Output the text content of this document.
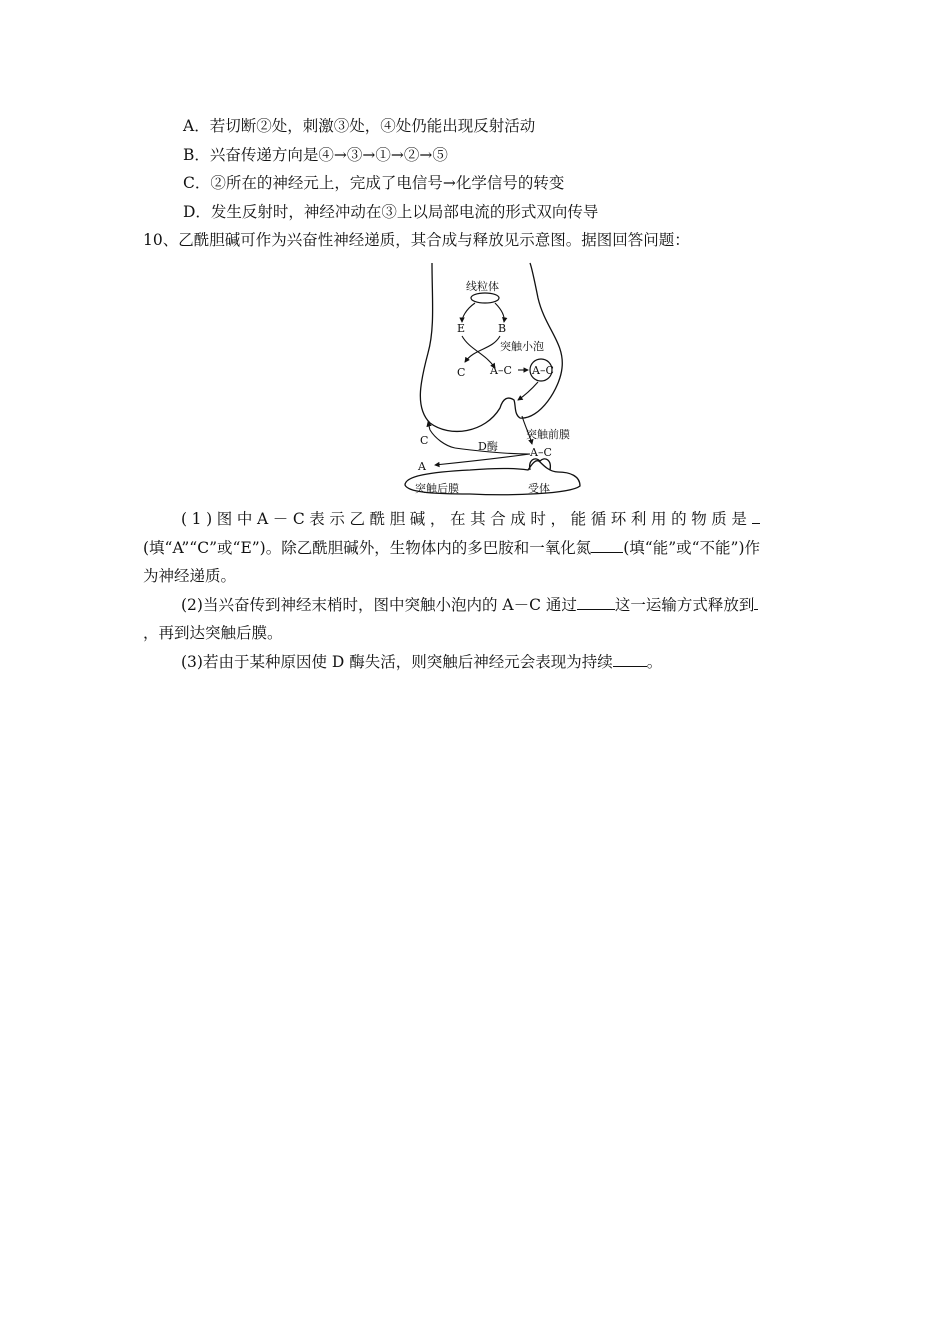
A．若切断②处，刺激③处，④处仍能出现反射活动
B．兴奋传递方向是④→③→①→②→⑤
C．②所在的神经元上，完成了电信号→化学信号的转变
D．发生反射时，神经冲动在③上以局部电流的形式双向传导
10、乙酰胆碱可作为兴奋性神经递质，其合成与释放见示意图。据图回答问题：
线粒体
E	B
突触小泡
C A–C A–C
C	D酶
突触前膜
A–C
A
突触后膜	受体
(1)图中A－C表示乙酰胆碱，在其合成时，能循环利用的物质是
(填“A”“C”或“E”)。除乙酰胆碱外，生物体内的多巴胺和一氧化氮 (填“能”或“不能”)作
为神经递质。
(2)当兴奋传到神经末梢时，图中突触小泡内的 A－C 通过 这一运输方式释放到
，再到达突触后膜。
(3)若由于某种原因使 D 酶失活，则突触后神经元会表现为持续 。
